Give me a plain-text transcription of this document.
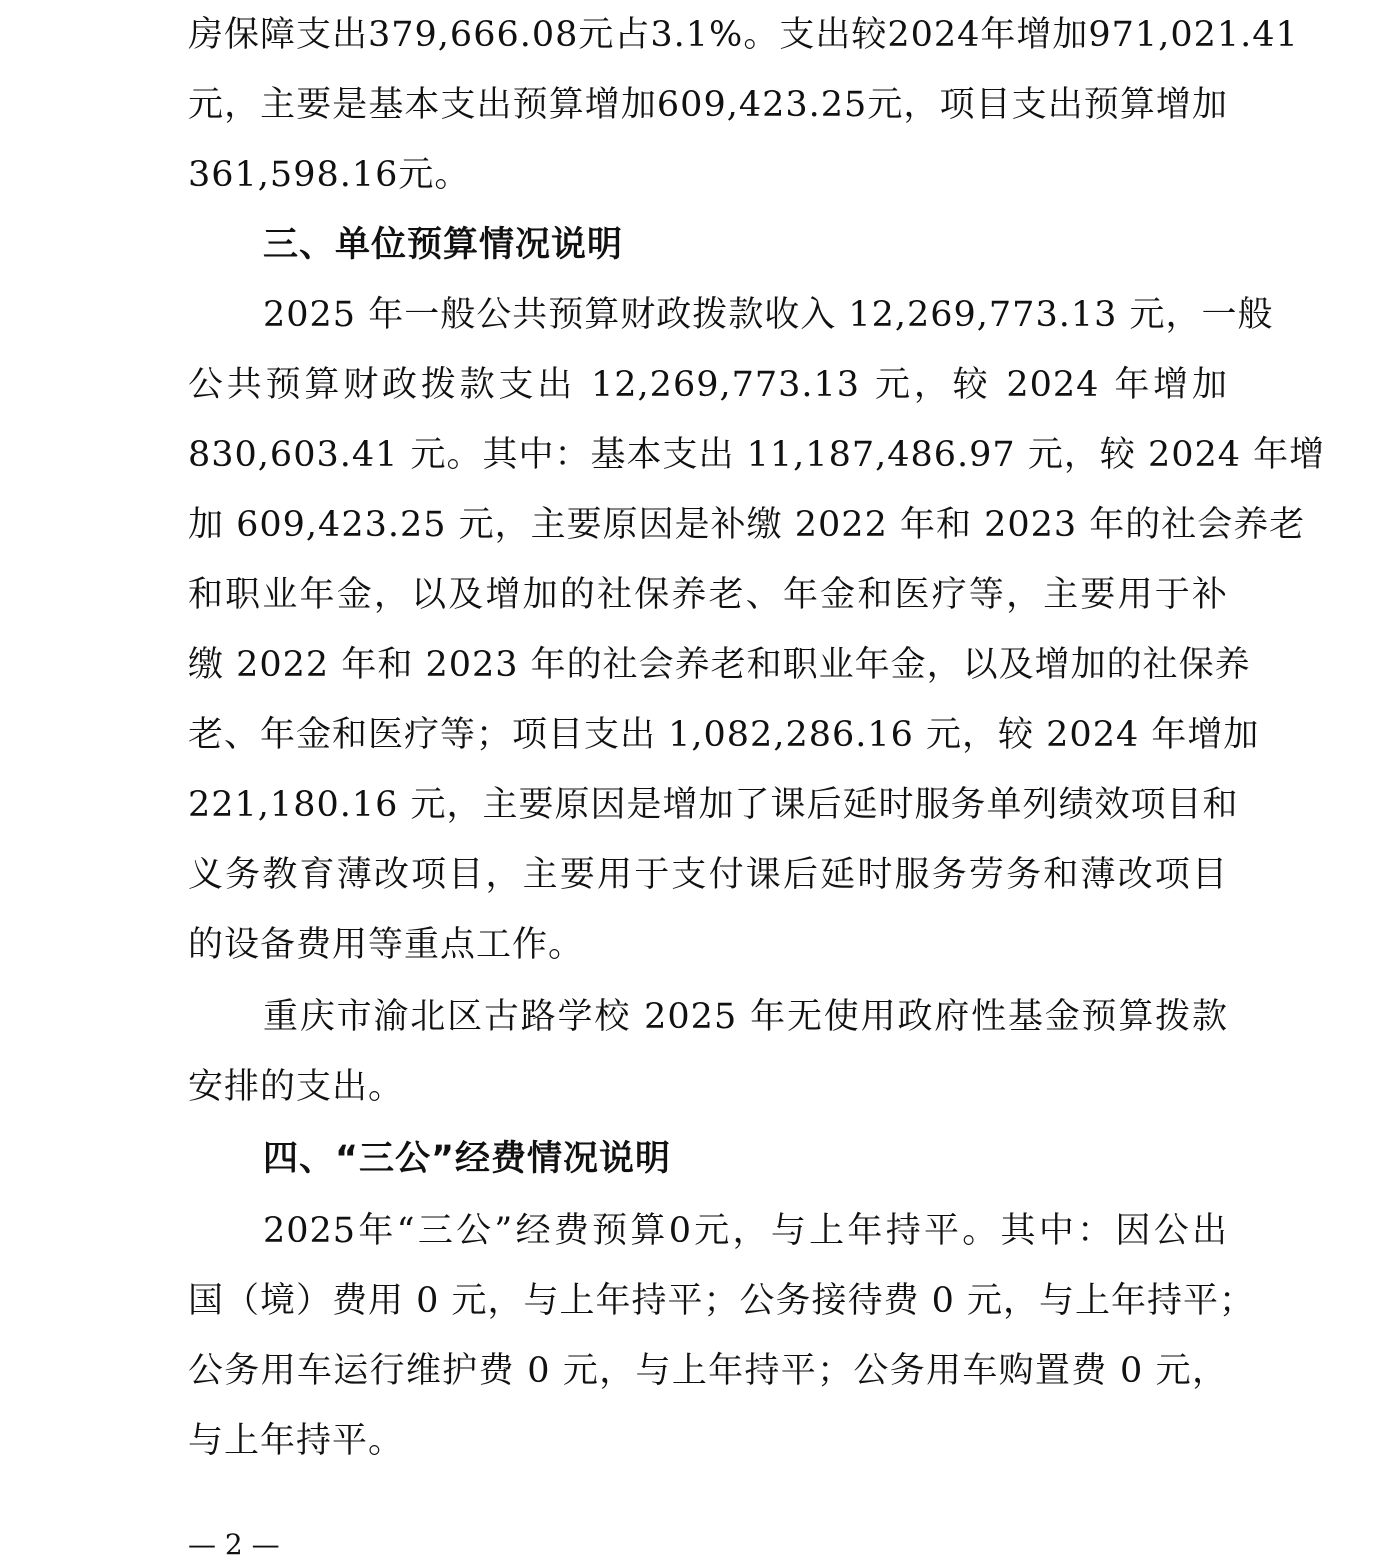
房保障支出379,666.08元占3.1%。支出较2024年增加971,021.41
元，主要是基本支出预算增加609,423.25元，项目支出预算增加
361,598.16元。
三、单位预算情况说明
2025 年一般公共预算财政拨款收入 12,269,773.13 元，一般
公共预算财政拨款支出 12,269,773.13 元，较 2024 年增加
830,603.41 元。其中：基本支出 11,187,486.97 元，较 2024 年增
加 609,423.25 元，主要原因是补缴 2022 年和 2023 年的社会养老
和职业年金，以及增加的社保养老、年金和医疗等，主要用于补
缴 2022 年和 2023 年的社会养老和职业年金，以及增加的社保养
老、年金和医疗等；项目支出 1,082,286.16 元，较 2024 年增加
221,180.16 元，主要原因是增加了课后延时服务单列绩效项目和
义务教育薄改项目，主要用于支付课后延时服务劳务和薄改项目
的设备费用等重点工作。
重庆市渝北区古路学校 2025 年无使用政府性基金预算拨款
安排的支出。
四、“三公”经费情况说明
2025年“三公”经费预算0元，与上年持平。其中：因公出
国（境）费用 0 元，与上年持平；公务接待费 0 元，与上年持平；
公务用车运行维护费 0 元，与上年持平；公务用车购置费 0 元，
与上年持平。
— 2 —
